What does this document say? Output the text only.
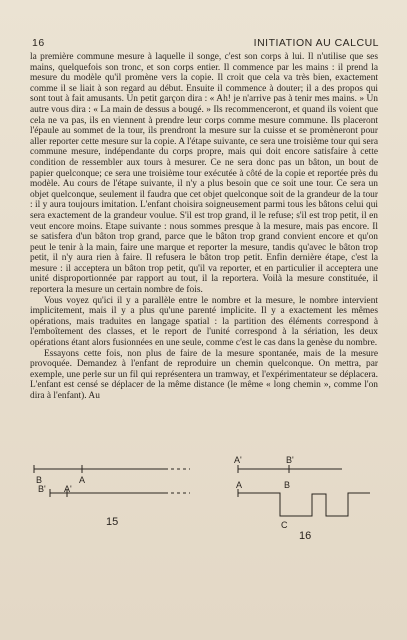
16	INITIATION AU CALCUL

la première commune mesure à laquelle il songe, c'est son corps à lui. Il n'utilise que ses mains, quelquefois son tronc, et son corps entier. Il commence par les mains : il prend la mesure du modèle qu'il promène vers la copie. Il croit que cela va très bien, exactement comme il se liait à son regard au début. Ensuite il commence à douter; il a des propos qui sont tout à fait amusants. Un petit garçon dira : « Ah! je n'arrive pas à tenir mes mains. » Un autre vous dira : « La main de dessus a bougé. » Ils recommenceront, et quand ils voient que cela ne va pas, ils en viennent à prendre leur corps comme mesure commune. Ils placeront l'épaule au sommet de la tour, ils prendront la mesure sur la cuisse et se promèneront pour aller reporter cette mesure sur la copie. A l'étape suivante, ce sera une troisième tour qui sera commune mesure, indépendante du corps propre, mais qui doit encore satisfaire à cette condition de ressembler aux tours à mesurer. Ce ne sera donc pas un bâton, un bout de papier quelconque; ce sera une troisième tour exécutée à côté de la copie et reportée près du modèle. Au cours de l'étape suivante, il n'y a plus besoin que ce soit une tour. Ce sera un objet quelconque, seulement il faudra que cet objet quelconque soit de la grandeur de la tour : il y aura toujours imitation. L'enfant choisira soigneusement parmi tous les bâtons celui qui sera exactement de la grandeur voulue. S'il est trop grand, il le refuse; s'il est trop petit, il en veut encore moins. Etape suivante : nous sommes presque à la mesure, mais pas encore. Il se satisfera d'un bâton trop grand, parce que le bâton trop grand convient encore et qu'on peut le tenir à la main, faire une marque et reporter la mesure, tandis qu'avec le bâton trop petit, il n'y aura rien à faire. Il refusera le bâton trop petit. Enfin dernière étape, c'est la mesure : il acceptera un bâton trop petit, qu'il va reporter, et en particulier il acceptera une unité disproportionnée par rapport au tout, il la reportera. Voilà la mesure constituée, il reportera la mesure un certain nombre de fois.

Vous voyez qu'ici il y a parallèle entre le nombre et la mesure, le nombre intervient implicitement, mais il y a plus qu'une parenté implicite. Il y a exactement les mêmes opérations, mais traduites en langage spatial : la partition des éléments correspond à l'emboîtement des classes, et le report de l'unité correspond à la sériation, les deux opérations étant alors fusionnées en une seule, comme c'est le cas dans la genèse du nombre.

Essayons cette fois, non plus de faire de la mesure spontanée, mais de la mesure provoquée. Demandez à l'enfant de reproduire un chemin quelconque. On mettra, par exemple, une perle sur un fil qui représentera un tramway, et l'expérimentateur se déplacera. L'enfant est censé se déplacer de la même distance (le même « long chemin », comme l'on dira à l'enfant). Au

B	A
B' A'
15
A'	B'
A	B
C
16
